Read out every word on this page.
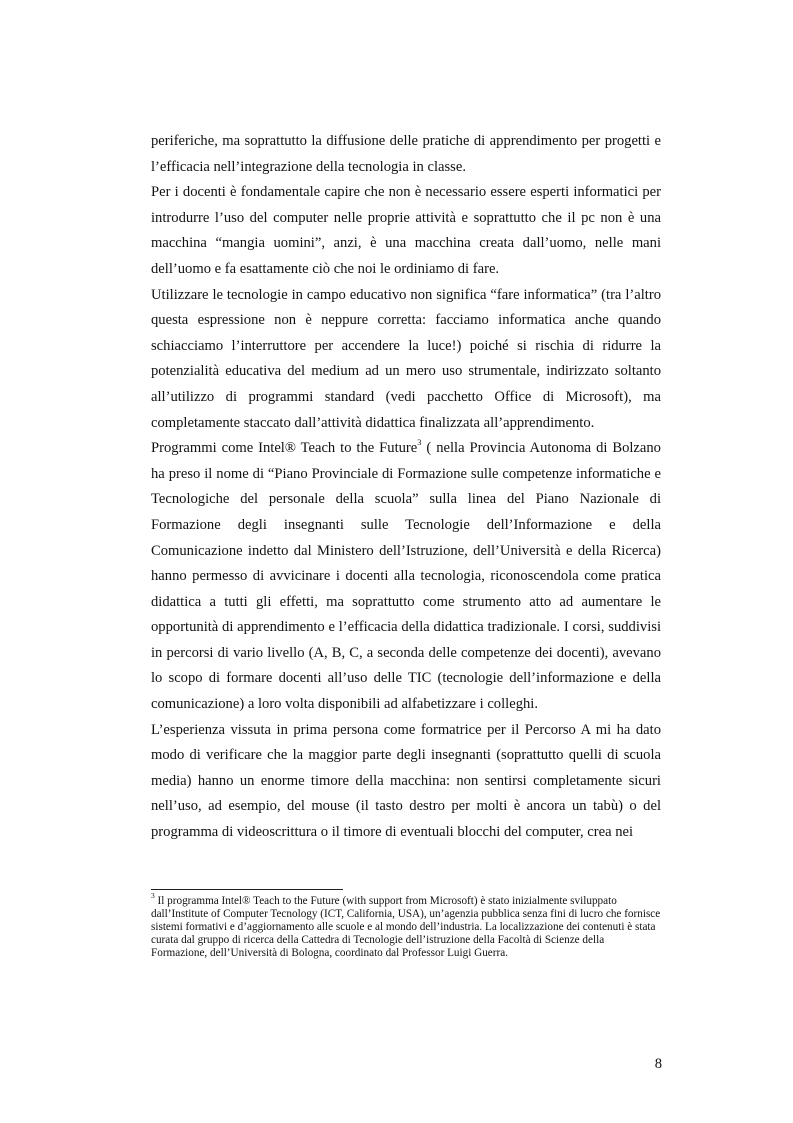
periferiche, ma soprattutto la diffusione delle pratiche di apprendimento per progetti e l’efficacia nell’integrazione della tecnologia in classe.

Per i docenti è fondamentale capire che non è necessario essere esperti informatici per introdurre l’uso del computer nelle proprie attività e soprattutto che il pc non è una macchina “mangia uomini”, anzi, è una macchina creata dall’uomo, nelle mani dell’uomo e fa esattamente ciò che noi le ordiniamo di fare.

Utilizzare le tecnologie in campo educativo non significa “fare informatica” (tra l’altro questa espressione non è neppure corretta: facciamo informatica anche quando schiacciamo l’interruttore per accendere la luce!) poiché si rischia di ridurre la potenzialità educativa del medium ad un mero uso strumentale, indirizzato soltanto all’utilizzo di programmi standard (vedi pacchetto Office di Microsoft), ma completamente staccato dall’attività didattica finalizzata all’apprendimento.

Programmi come Intel® Teach to the Future$^3$ ( nella Provincia Autonoma di Bolzano ha preso il nome di “Piano Provinciale di Formazione sulle competenze informatiche e Tecnologiche del personale della scuola” sulla linea del Piano Nazionale di Formazione degli insegnanti sulle Tecnologie dell’Informazione e della Comunicazione indetto dal Ministero dell’Istruzione, dell’Università e della Ricerca) hanno permesso di avvicinare i docenti alla tecnologia, riconoscendola come pratica didattica a tutti gli effetti, ma soprattutto come strumento atto ad aumentare le opportunità di apprendimento e l’efficacia della didattica tradizionale. I corsi, suddivisi in percorsi di vario livello (A, B, C, a seconda delle competenze dei docenti), avevano lo scopo di formare docenti all’uso delle TIC (tecnologie dell’informazione e della comunicazione) a loro volta disponibili ad alfabetizzare i colleghi.

L’esperienza vissuta in prima persona come formatrice per il Percorso A mi ha dato modo di verificare che la maggior parte degli insegnanti (soprattutto quelli di scuola media) hanno un enorme timore della macchina: non sentirsi completamente sicuri nell’uso, ad esempio, del mouse (il tasto destro per molti è ancora un tabù) o del programma di videoscrittura o il timore di eventuali blocchi del computer, crea nei

$^3$ Il programma Intel® Teach to the Future (with support from Microsoft) è stato inizialmente sviluppato dall’Institute of Computer Tecnology (ICT, California, USA), un’agenzia pubblica senza fini di lucro che fornisce sistemi formativi e d’aggiornamento alle scuole e al mondo dell’industria. La localizzazione dei contenuti è stata curata dal gruppo di ricerca della Cattedra di Tecnologie dell’istruzione della Facoltà di Scienze della Formazione, dell’Università di Bologna, coordinato dal Professor Luigi Guerra.
8
